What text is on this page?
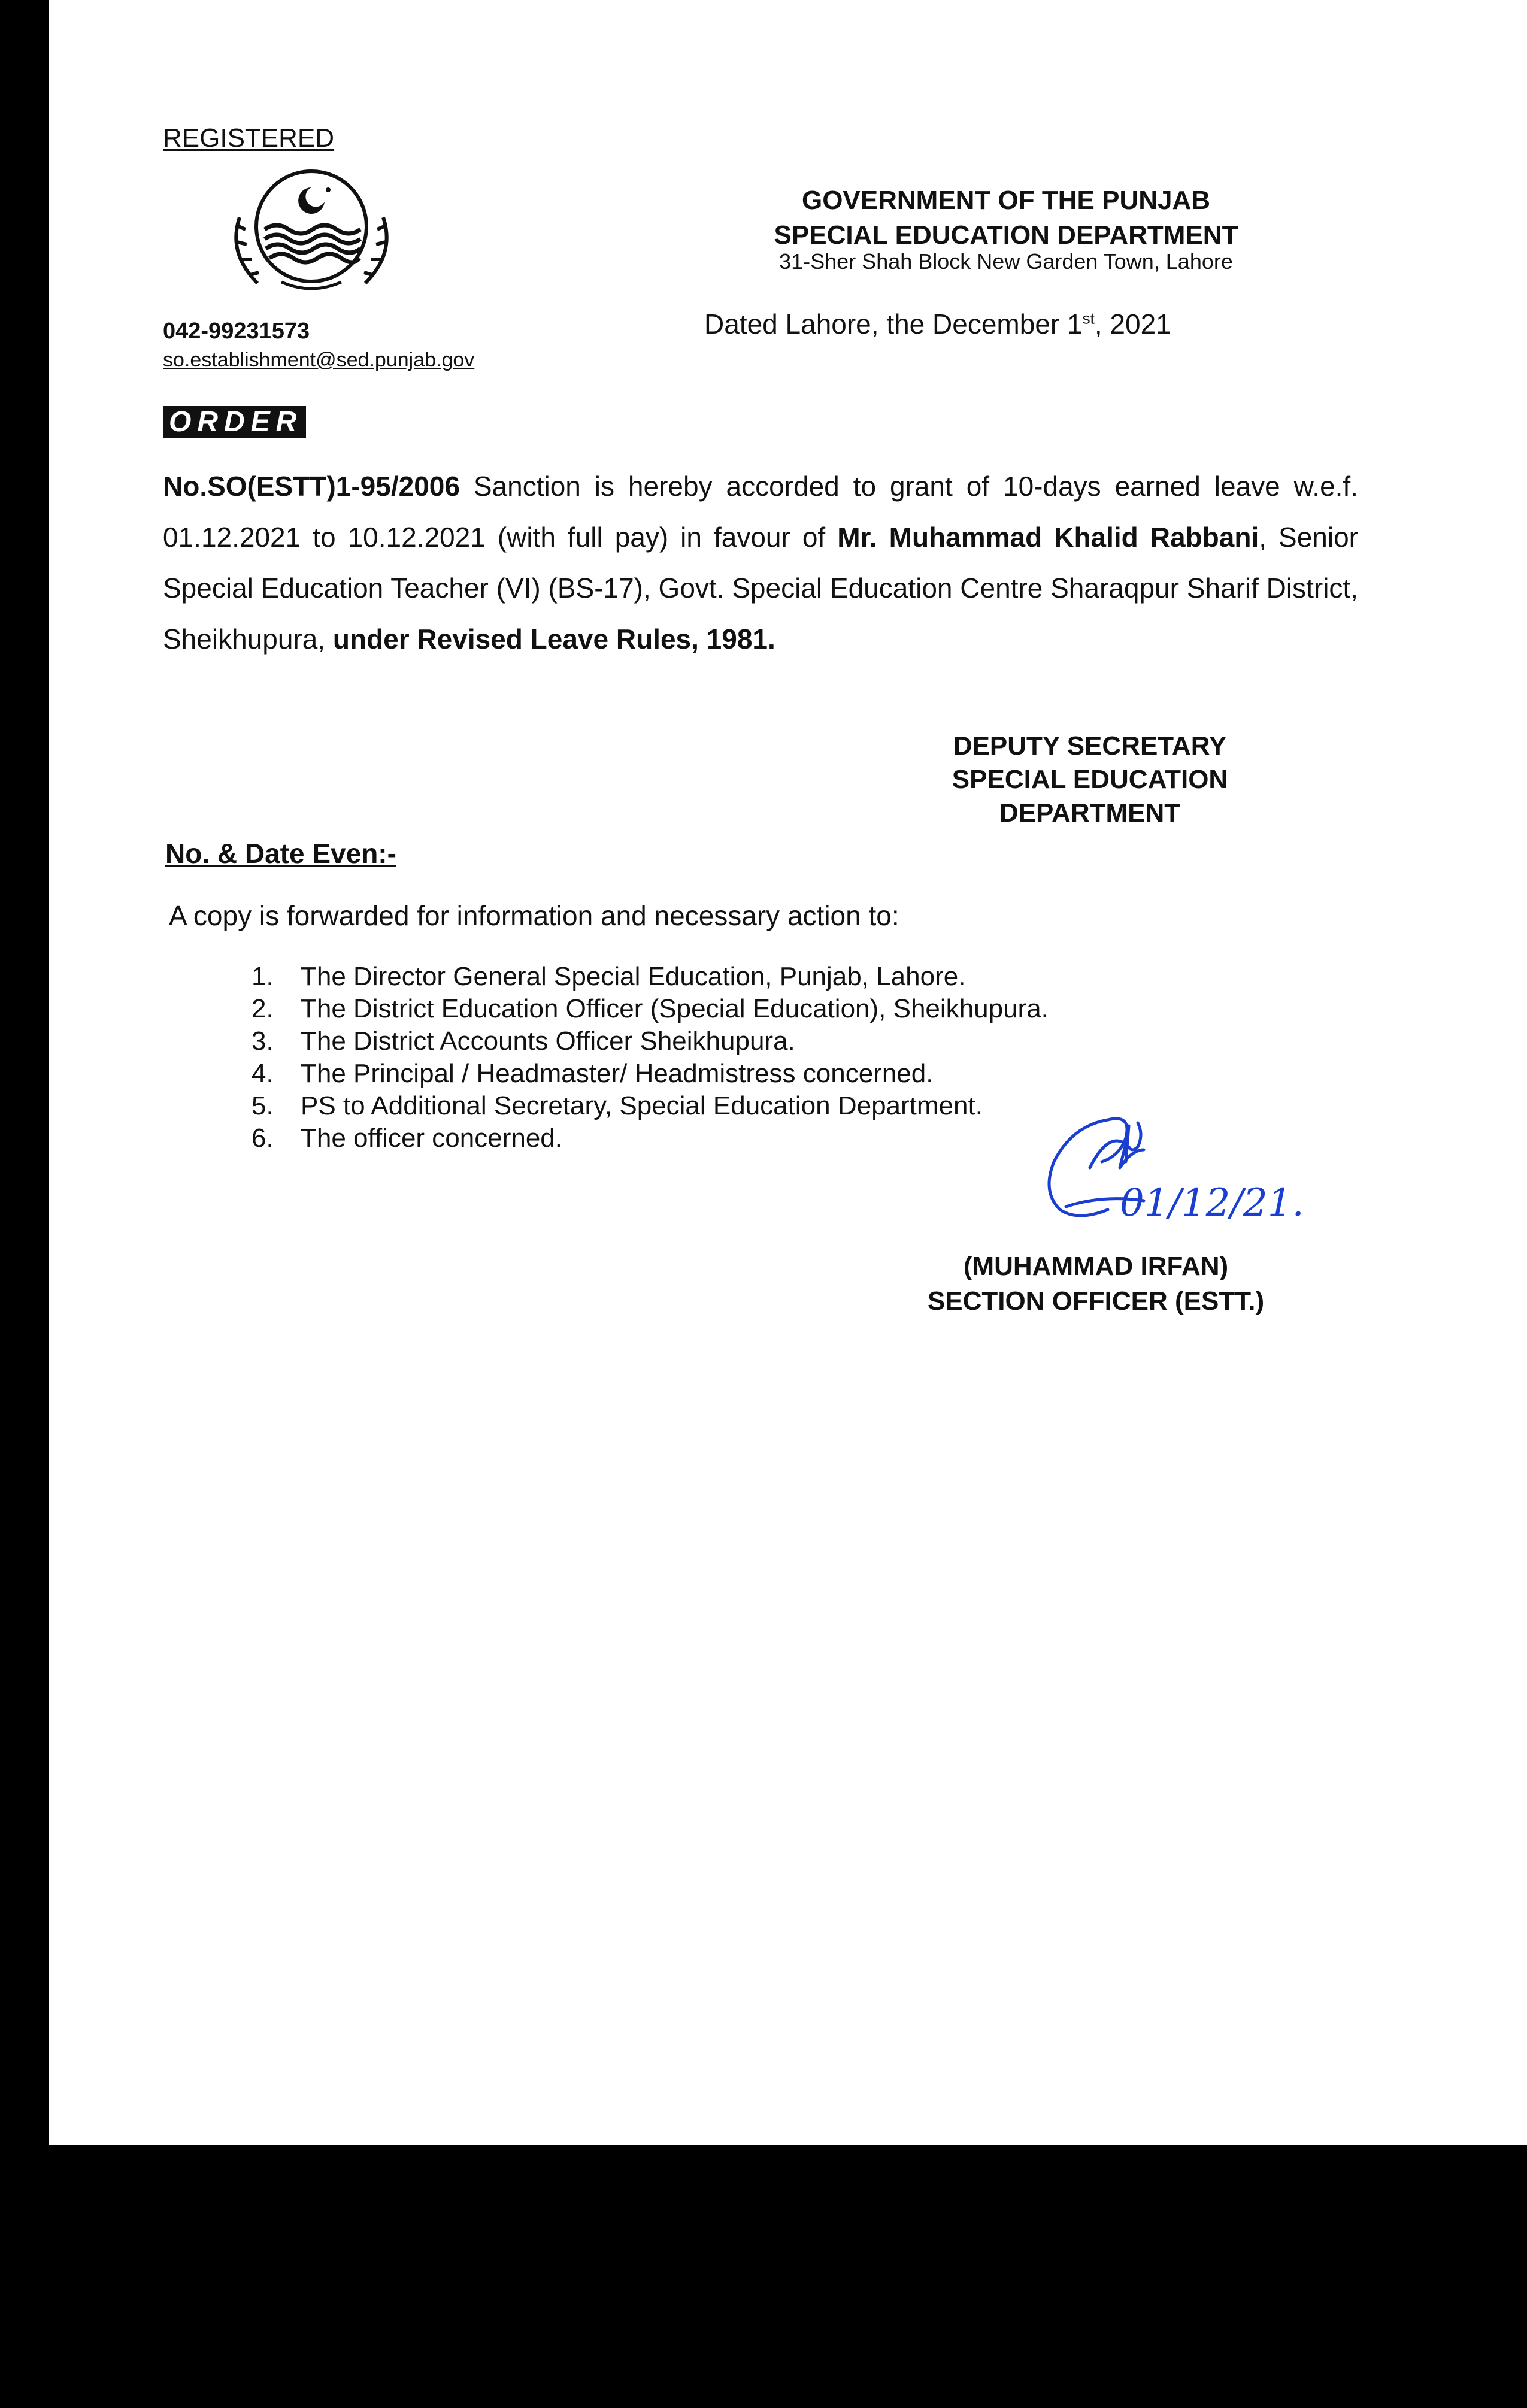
REGISTERED
042-99231573
so.establishment@sed.punjab.gov
GOVERNMENT OF THE PUNJAB
SPECIAL EDUCATION DEPARTMENT
31-Sher Shah Block New Garden Town, Lahore
Dated Lahore, the December 1st, 2021
ORDER
No.SO(ESTT)1-95/2006 Sanction is hereby accorded to grant of 10-days earned leave w.e.f. 01.12.2021 to 10.12.2021 (with full pay) in favour of Mr. Muhammad Khalid Rabbani, Senior Special Education Teacher (VI) (BS-17), Govt. Special Education Centre Sharaqpur Sharif District, Sheikhupura, under Revised Leave Rules, 1981.
DEPUTY SECRETARY
SPECIAL EDUCATION
DEPARTMENT
No. & Date Even:-
A copy is forwarded for information and necessary action to:
1.	The Director General Special Education, Punjab, Lahore.
2.	The District Education Officer (Special Education), Sheikhupura.
3.	The District Accounts Officer Sheikhupura.
4.	The Principal / Headmaster/ Headmistress concerned.
5.	PS to Additional Secretary, Special Education Department.
6.	The officer concerned.
01/12/21.
(MUHAMMAD IRFAN)
SECTION OFFICER (ESTT.)
